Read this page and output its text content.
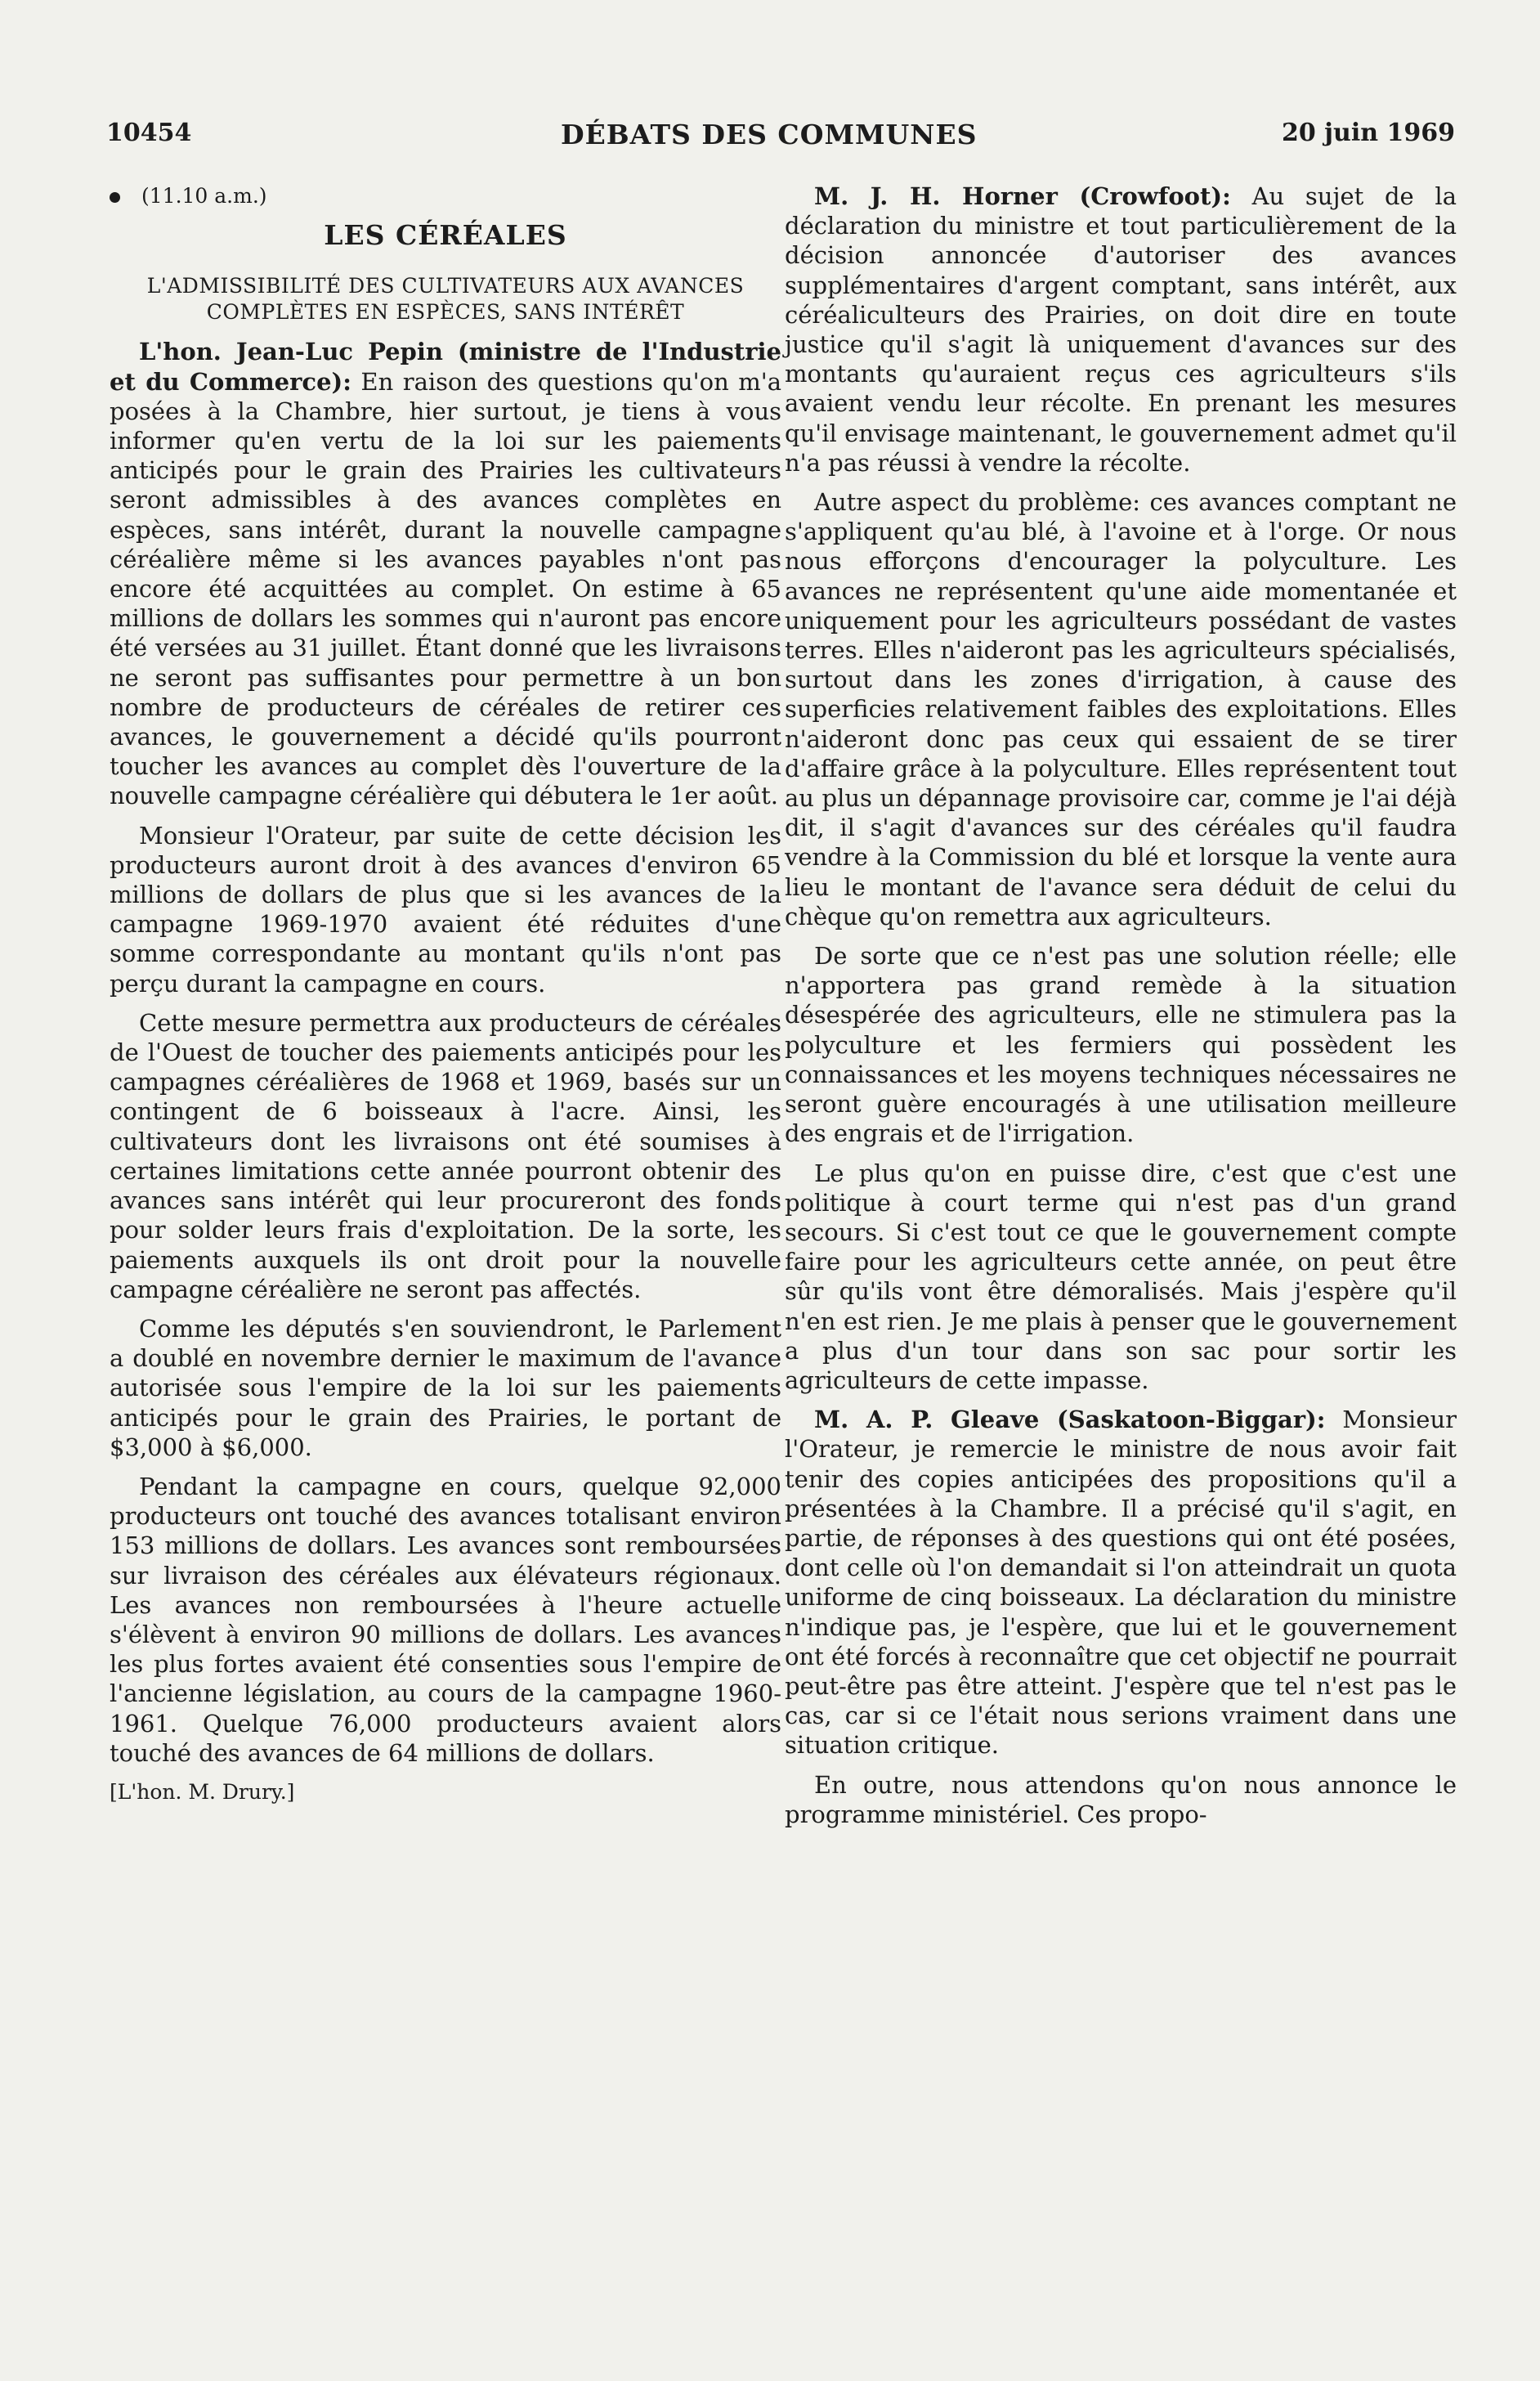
10454	DÉBATS DES COMMUNES	20 juin 1969

(11.10 a.m.)

LES CÉRÉALES
L'ADMISSIBILITÉ DES CULTIVATEURS AUX AVANCES COMPLÈTES EN ESPÈCES, SANS INTÉRÊT

L'hon. Jean-Luc Pepin (ministre de l'Industrie et du Commerce): En raison des questions qu'on m'a posées à la Chambre, hier surtout, je tiens à vous informer qu'en vertu de la loi sur les paiements anticipés pour le grain des Prairies les cultivateurs seront admissibles à des avances complètes en espèces, sans intérêt, durant la nouvelle campagne céréalière même si les avances payables n'ont pas encore été acquittées au complet. On estime à 65 millions de dollars les sommes qui n'auront pas encore été versées au 31 juillet. Étant donné que les livraisons ne seront pas suffisantes pour permettre à un bon nombre de producteurs de céréales de retirer ces avances, le gouvernement a décidé qu'ils pourront toucher les avances au complet dès l'ouverture de la nouvelle campagne céréalière qui débutera le 1er août.

Monsieur l'Orateur, par suite de cette décision les producteurs auront droit à des avances d'environ 65 millions de dollars de plus que si les avances de la campagne 1969-1970 avaient été réduites d'une somme correspondante au montant qu'ils n'ont pas perçu durant la campagne en cours.

Cette mesure permettra aux producteurs de céréales de l'Ouest de toucher des paiements anticipés pour les campagnes céréalières de 1968 et 1969, basés sur un contingent de 6 boisseaux à l'acre. Ainsi, les cultivateurs dont les livraisons ont été soumises à certaines limitations cette année pourront obtenir des avances sans intérêt qui leur procureront des fonds pour solder leurs frais d'exploitation. De la sorte, les paiements auxquels ils ont droit pour la nouvelle campagne céréalière ne seront pas affectés.

Comme les députés s'en souviendront, le Parlement a doublé en novembre dernier le maximum de l'avance autorisée sous l'empire de la loi sur les paiements anticipés pour le grain des Prairies, le portant de $3,000 à $6,000.

Pendant la campagne en cours, quelque 92,000 producteurs ont touché des avances totalisant environ 153 millions de dollars. Les avances sont remboursées sur livraison des céréales aux élévateurs régionaux. Les avances non remboursées à l'heure actuelle s'élèvent à environ 90 millions de dollars. Les avances les plus fortes avaient été consenties sous l'empire de l'ancienne législation, au cours de la campagne 1960-1961. Quelque 76,000 producteurs avaient alors touché des avances de 64 millions de dollars.

[L'hon. M. Drury.]

M. J. H. Horner (Crowfoot): Au sujet de la déclaration du ministre et tout particulièrement de la décision annoncée d'autoriser des avances supplémentaires d'argent comptant, sans intérêt, aux céréaliculteurs des Prairies, on doit dire en toute justice qu'il s'agit là uniquement d'avances sur des montants qu'auraient reçus ces agriculteurs s'ils avaient vendu leur récolte. En prenant les mesures qu'il envisage maintenant, le gouvernement admet qu'il n'a pas réussi à vendre la récolte.

Autre aspect du problème: ces avances comptant ne s'appliquent qu'au blé, à l'avoine et à l'orge. Or nous nous efforçons d'encourager la polyculture. Les avances ne représentent qu'une aide momentanée et uniquement pour les agriculteurs possédant de vastes terres. Elles n'aideront pas les agriculteurs spécialisés, surtout dans les zones d'irrigation, à cause des superficies relativement faibles des exploitations. Elles n'aideront donc pas ceux qui essaient de se tirer d'affaire grâce à la polyculture. Elles représentent tout au plus un dépannage provisoire car, comme je l'ai déjà dit, il s'agit d'avances sur des céréales qu'il faudra vendre à la Commission du blé et lorsque la vente aura lieu le montant de l'avance sera déduit de celui du chèque qu'on remettra aux agriculteurs.

De sorte que ce n'est pas une solution réelle; elle n'apportera pas grand remède à la situation désespérée des agriculteurs, elle ne stimulera pas la polyculture et les fermiers qui possèdent les connaissances et les moyens techniques nécessaires ne seront guère encouragés à une utilisation meilleure des engrais et de l'irrigation.

Le plus qu'on en puisse dire, c'est que c'est une politique à court terme qui n'est pas d'un grand secours. Si c'est tout ce que le gouvernement compte faire pour les agriculteurs cette année, on peut être sûr qu'ils vont être démoralisés. Mais j'espère qu'il n'en est rien. Je me plais à penser que le gouvernement a plus d'un tour dans son sac pour sortir les agriculteurs de cette impasse.

M. A. P. Gleave (Saskatoon-Biggar): Monsieur l'Orateur, je remercie le ministre de nous avoir fait tenir des copies anticipées des propositions qu'il a présentées à la Chambre. Il a précisé qu'il s'agit, en partie, de réponses à des questions qui ont été posées, dont celle où l'on demandait si l'on atteindrait un quota uniforme de cinq boisseaux. La déclaration du ministre n'indique pas, je l'espère, que lui et le gouvernement ont été forcés à reconnaître que cet objectif ne pourrait peut-être pas être atteint. J'espère que tel n'est pas le cas, car si ce l'était nous serions vraiment dans une situation critique.

En outre, nous attendons qu'on nous annonce le programme ministériel. Ces propo-
